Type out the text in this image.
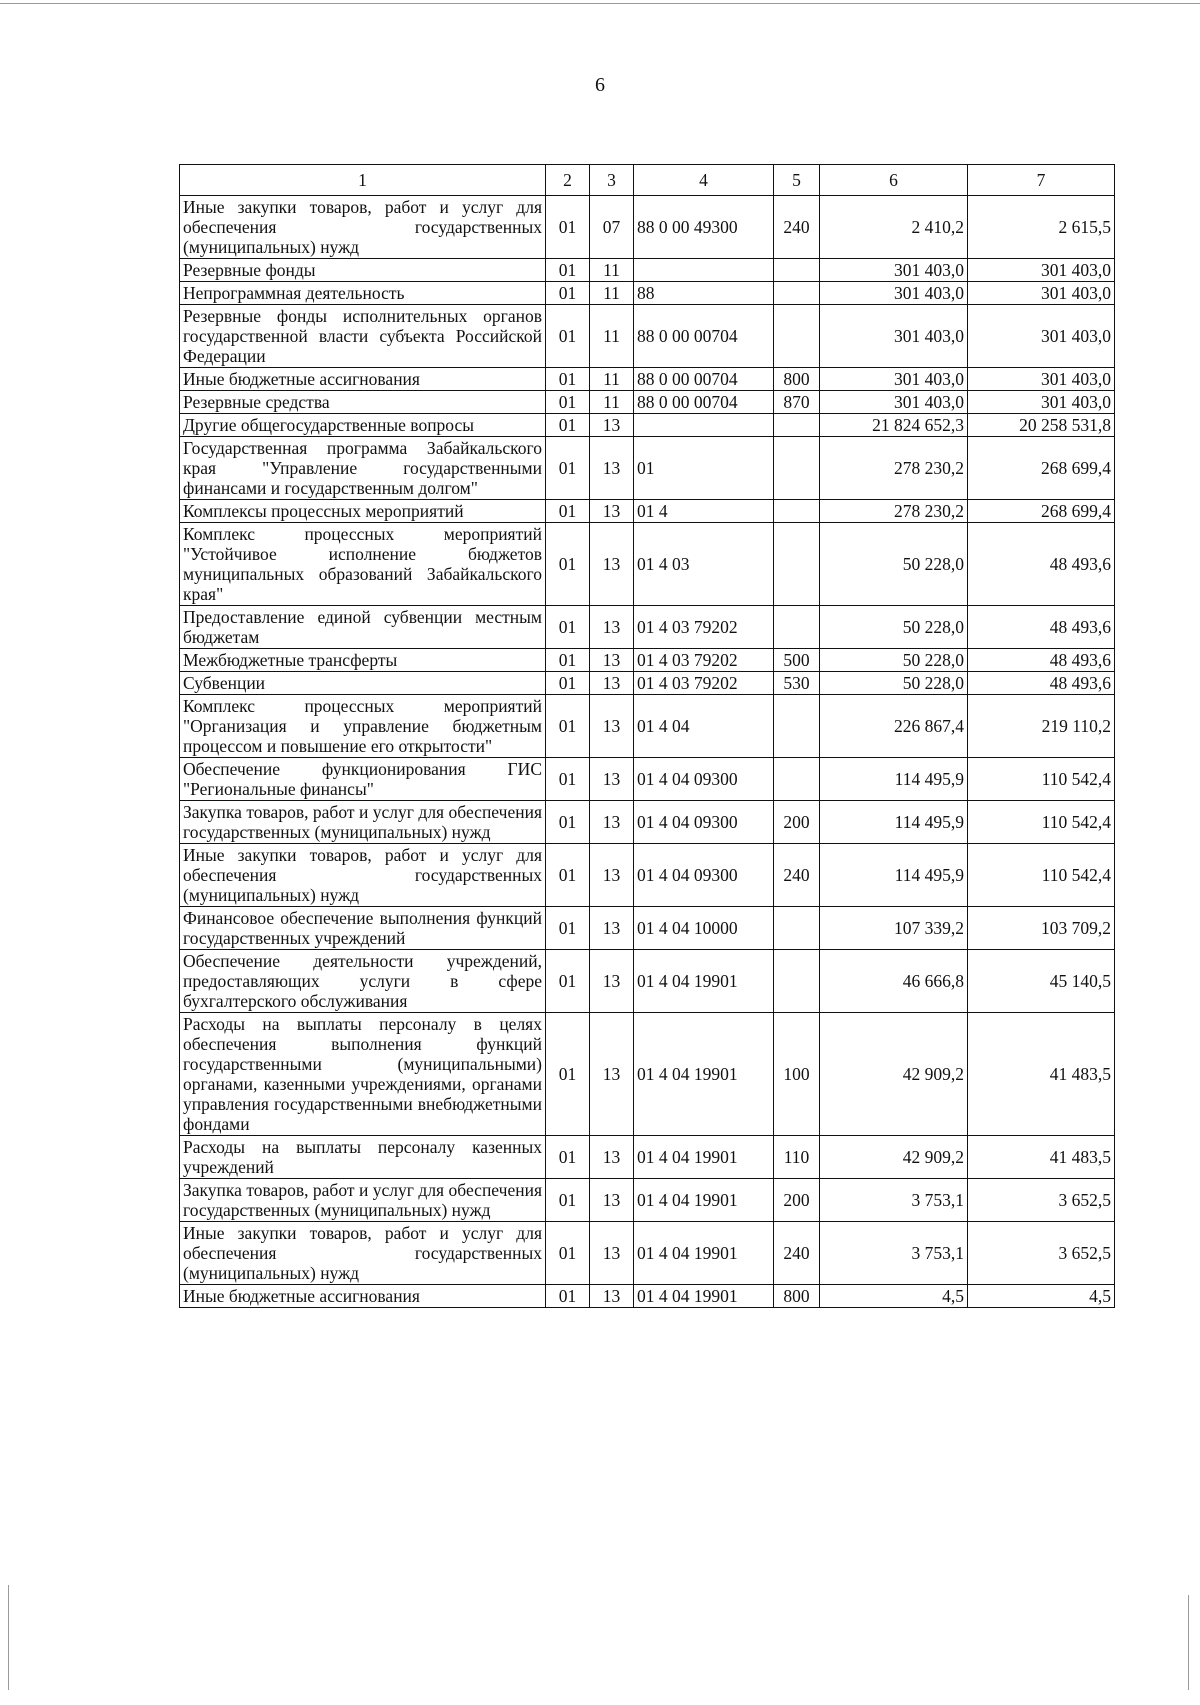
6
1	2	3	4	5	6	7
Иные закупки товаров, работ и услуг для обеспечения государственных (муниципальных) нужд	01	07	88 0 00 49300	240	2 410,2	2 615,5
Резервные фонды	01	11			301 403,0	301 403,0
Непрограммная деятельность	01	11	88		301 403,0	301 403,0
Резервные фонды исполнительных органов государственной власти субъекта Российской Федерации	01	11	88 0 00 00704		301 403,0	301 403,0
Иные бюджетные ассигнования	01	11	88 0 00 00704	800	301 403,0	301 403,0
Резервные средства	01	11	88 0 00 00704	870	301 403,0	301 403,0
Другие общегосударственные вопросы	01	13			21 824 652,3	20 258 531,8
Государственная программа Забайкальского края "Управление государственными финансами и государственным долгом"	01	13	01		278 230,2	268 699,4
Комплексы процессных мероприятий	01	13	01 4		278 230,2	268 699,4
Комплекс процессных мероприятий "Устойчивое исполнение бюджетов муниципальных образований Забайкальского края"	01	13	01 4 03		50 228,0	48 493,6
Предоставление единой субвенции местным бюджетам	01	13	01 4 03 79202		50 228,0	48 493,6
Межбюджетные трансферты	01	13	01 4 03 79202	500	50 228,0	48 493,6
Субвенции	01	13	01 4 03 79202	530	50 228,0	48 493,6
Комплекс процессных мероприятий "Организация и управление бюджетным процессом и повышение его открытости"	01	13	01 4 04		226 867,4	219 110,2
Обеспечение функционирования ГИС "Региональные финансы"	01	13	01 4 04 09300		114 495,9	110 542,4
Закупка товаров, работ и услуг для обеспечения государственных (муниципальных) нужд	01	13	01 4 04 09300	200	114 495,9	110 542,4
Иные закупки товаров, работ и услуг для обеспечения государственных (муниципальных) нужд	01	13	01 4 04 09300	240	114 495,9	110 542,4
Финансовое обеспечение выполнения функций государственных учреждений	01	13	01 4 04 10000		107 339,2	103 709,2
Обеспечение деятельности учреждений, предоставляющих услуги в сфере бухгалтерского обслуживания	01	13	01 4 04 19901		46 666,8	45 140,5
Расходы на выплаты персоналу в целях обеспечения выполнения функций государственными (муниципальными) органами, казенными учреждениями, органами управления государственными внебюджетными фондами	01	13	01 4 04 19901	100	42 909,2	41 483,5
Расходы на выплаты персоналу казенных учреждений	01	13	01 4 04 19901	110	42 909,2	41 483,5
Закупка товаров, работ и услуг для обеспечения государственных (муниципальных) нужд	01	13	01 4 04 19901	200	3 753,1	3 652,5
Иные закупки товаров, работ и услуг для обеспечения государственных (муниципальных) нужд	01	13	01 4 04 19901	240	3 753,1	3 652,5
Иные бюджетные ассигнования	01	13	01 4 04 19901	800	4,5	4,5
